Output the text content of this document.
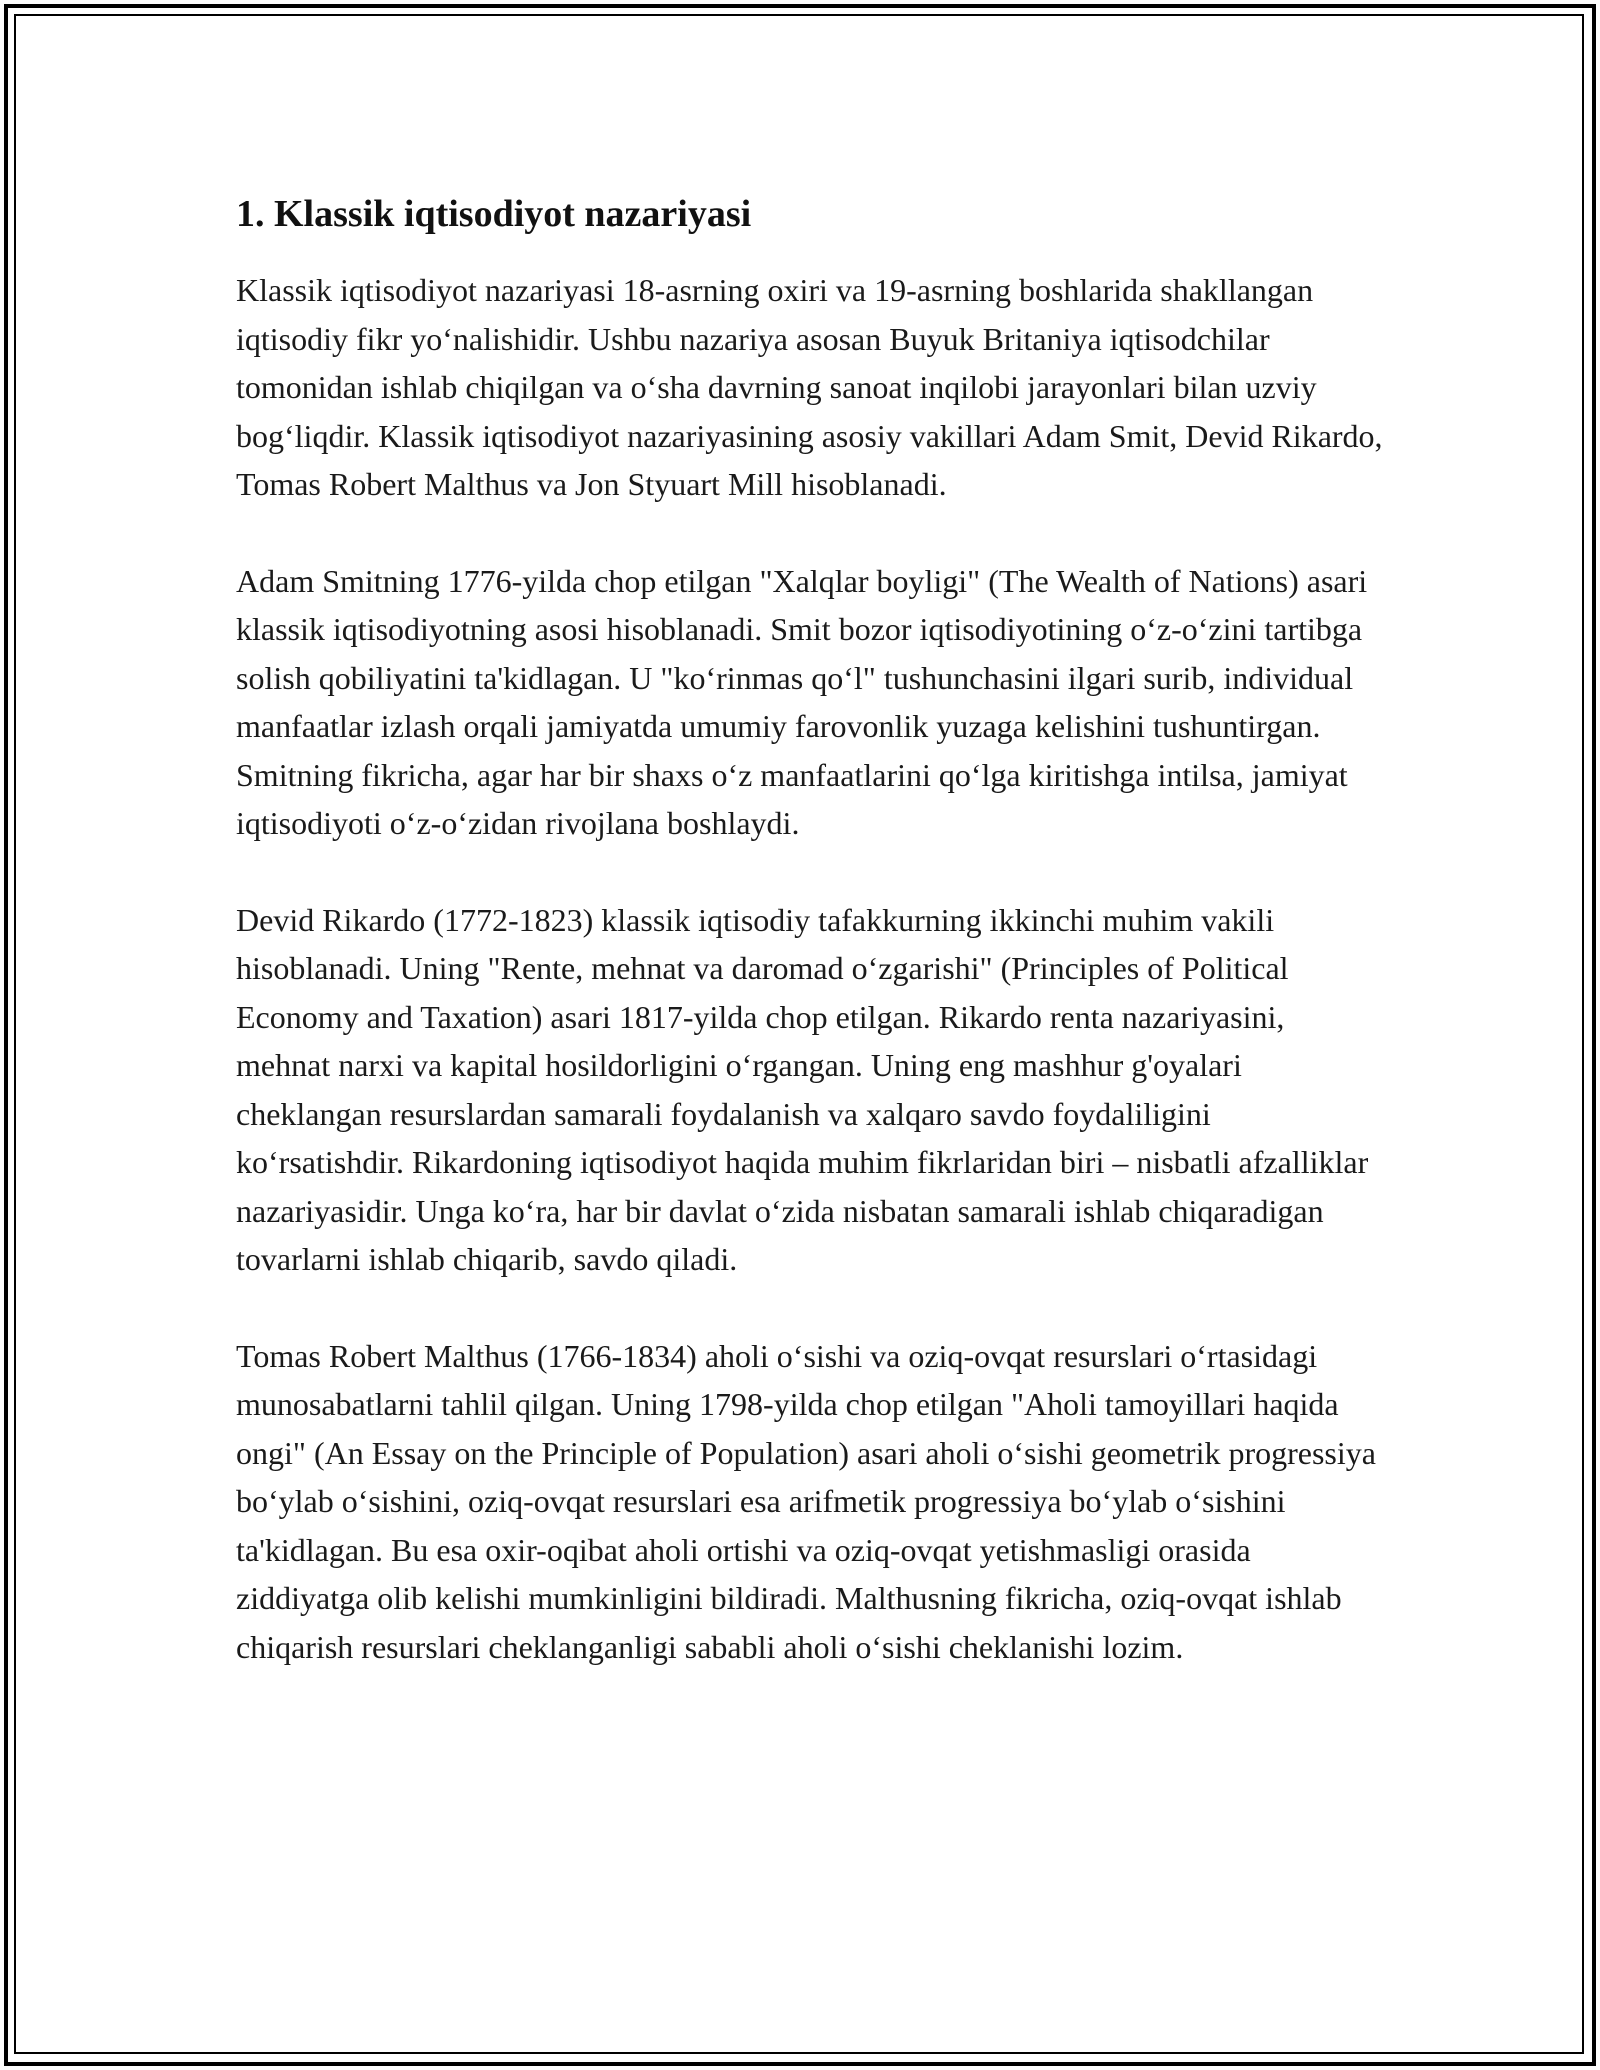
1. Klassik iqtisodiyot nazariyasi

Klassik iqtisodiyot nazariyasi 18-asrning oxiri va 19-asrning boshlarida shakllangan iqtisodiy fikr yo‘nalishidir. Ushbu nazariya asosan Buyuk Britaniya iqtisodchilar tomonidan ishlab chiqilgan va o‘sha davrning sanoat inqilobi jarayonlari bilan uzviy bog‘liqdir. Klassik iqtisodiyot nazariyasining asosiy vakillari Adam Smit, Devid Rikardo, Tomas Robert Malthus va Jon Styuart Mill hisoblanadi.

Adam Smitning 1776-yilda chop etilgan "Xalqlar boyligi" (The Wealth of Nations) asari klassik iqtisodiyotning asosi hisoblanadi. Smit bozor iqtisodiyotining o‘z-o‘zini tartibga solish qobiliyatini ta'kidlagan. U "ko‘rinmas qo‘l" tushunchasini ilgari surib, individual manfaatlar izlash orqali jamiyatda umumiy farovonlik yuzaga kelishini tushuntirgan. Smitning fikricha, agar har bir shaxs o‘z manfaatlarini qo‘lga kiritishga intilsa, jamiyat iqtisodiyoti o‘z-o‘zidan rivojlana boshlaydi.

Devid Rikardo (1772-1823) klassik iqtisodiy tafakkurning ikkinchi muhim vakili hisoblanadi. Uning "Rente, mehnat va daromad o‘zgarishi" (Principles of Political Economy and Taxation) asari 1817-yilda chop etilgan. Rikardo renta nazariyasini, mehnat narxi va kapital hosildorligini o‘rgangan. Uning eng mashhur g'oyalari cheklangan resurslardan samarali foydalanish va xalqaro savdo foydaliligini ko‘rsatishdir. Rikardoning iqtisodiyot haqida muhim fikrlaridan biri – nisbatli afzalliklar nazariyasidir. Unga ko‘ra, har bir davlat o‘zida nisbatan samarali ishlab chiqaradigan tovarlarni ishlab chiqarib, savdo qiladi.

Tomas Robert Malthus (1766-1834) aholi o‘sishi va oziq-ovqat resurslari o‘rtasidagi munosabatlarni tahlil qilgan. Uning 1798-yilda chop etilgan "Aholi tamoyillari haqida ongi" (An Essay on the Principle of Population) asari aholi o‘sishi geometrik progressiya bo‘ylab o‘sishini, oziq-ovqat resurslari esa arifmetik progressiya bo‘ylab o‘sishini ta'kidlagan. Bu esa oxir-oqibat aholi ortishi va oziq-ovqat yetishmasligi orasida ziddiyatga olib kelishi mumkinligini bildiradi. Malthusning fikricha, oziq-ovqat ishlab chiqarish resurslari cheklanganligi sababli aholi o‘sishi cheklanishi lozim.
